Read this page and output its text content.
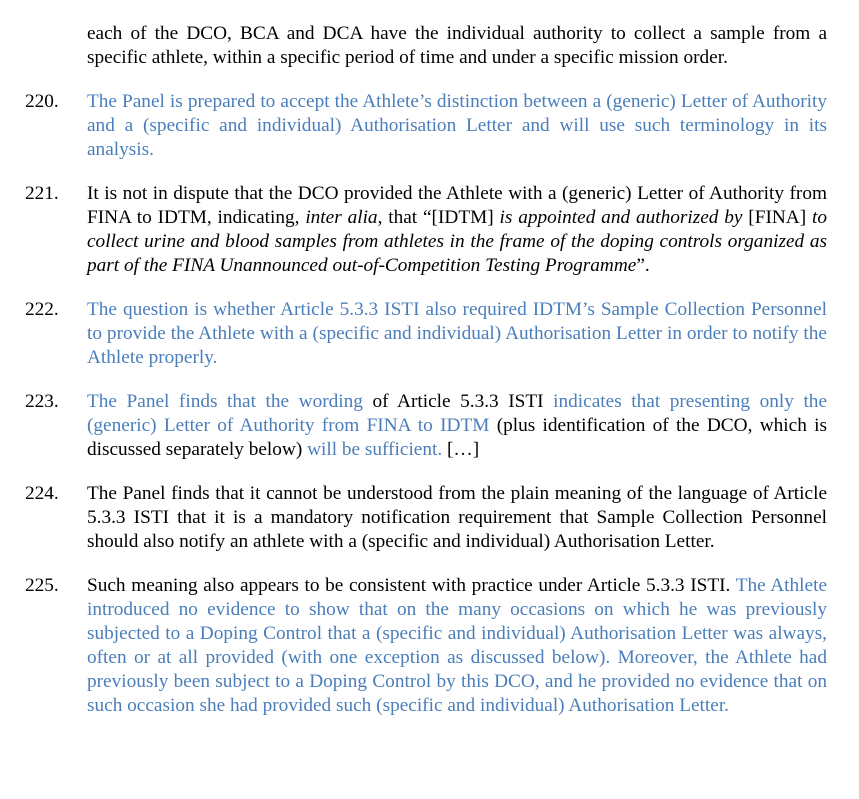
each of the DCO, BCA and DCA have the individual authority to collect a sample from a specific athlete, within a specific period of time and under a specific mission order.
220. The Panel is prepared to accept the Athlete’s distinction between a (generic) Letter of Authority and a (specific and individual) Authorisation Letter and will use such terminology in its analysis.
221. It is not in dispute that the DCO provided the Athlete with a (generic) Letter of Authority from FINA to IDTM, indicating, inter alia, that “[IDTM] is appointed and authorized by [FINA] to collect urine and blood samples from athletes in the frame of the doping controls organized as part of the FINA Unannounced out-of-Competition Testing Programme”.
222. The question is whether Article 5.3.3 ISTI also required IDTM’s Sample Collection Personnel to provide the Athlete with a (specific and individual) Authorisation Letter in order to notify the Athlete properly.
223. The Panel finds that the wording of Article 5.3.3 ISTI indicates that presenting only the (generic) Letter of Authority from FINA to IDTM (plus identification of the DCO, which is discussed separately below) will be sufficient. […]
224. The Panel finds that it cannot be understood from the plain meaning of the language of Article 5.3.3 ISTI that it is a mandatory notification requirement that Sample Collection Personnel should also notify an athlete with a (specific and individual) Authorisation Letter.
225. Such meaning also appears to be consistent with practice under Article 5.3.3 ISTI. The Athlete introduced no evidence to show that on the many occasions on which he was previously subjected to a Doping Control that a (specific and individual) Authorisation Letter was always, often or at all provided (with one exception as discussed below). Moreover, the Athlete had previously been subject to a Doping Control by this DCO, and he provided no evidence that on such occasion she had provided such (specific and individual) Authorisation Letter.
